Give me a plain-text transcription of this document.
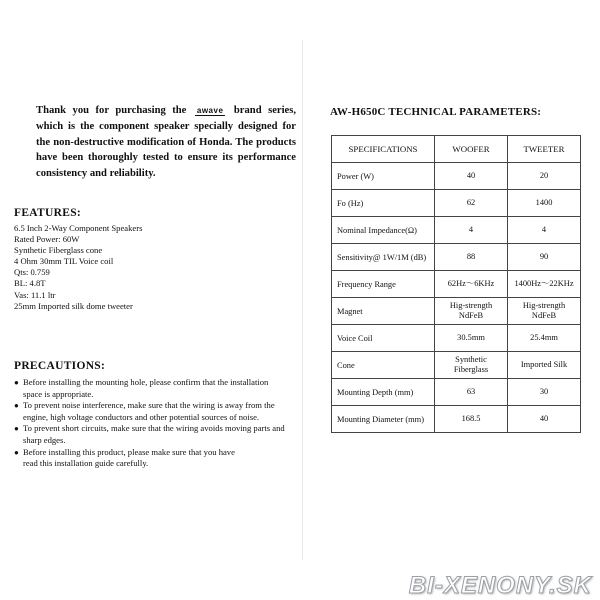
Thank you for purchasing the awave brand series, which is the component speaker specially designed for the non-destructive modification of Honda. The products have been thoroughly tested to ensure its performance consistency and reliability.

FEATURES:
6.5 Inch 2-Way Component Speakers
Rated Power: 60W
Synthetic Fiberglass cone
4 Ohm 30mm TIL Voice coil
Qts: 0.759
BL: 4.8T
Vas: 11.1 ltr
25mm Imported silk dome tweeter
PRECAUTIONS:
● Before installing the mounting hole, please confirm that the installation space is appropriate.
● To prevent noise interference, make sure that the wiring is away from the engine, high voltage conductors and other potential sources of noise.
● To prevent short circuits, make sure that the wiring avoids moving parts and sharp edges.
● Before installing this product, please make sure that you have
read this installation guide carefully.
AW-H650C TECHNICAL PARAMETERS:
SPECIFICATIONS	WOOFER	TWEETER
Power (W)	40	20
Fo (Hz)	62	1400
Nominal Impedance(Ω)	4	4
Sensitivity@ 1W/1M (dB)	88	90
Frequency Range	62Hz～6KHz	1400Hz～22KHz
Magnet	Hig-strength NdFeB	Hig-strength NdFeB
Voice Coil	30.5mm	25.4mm
Cone	Synthetic Fiberglass	Imported Silk
Mounting Depth (mm)	63	30
Mounting Diameter (mm)	168.5	40
BI-XENONY.SK
